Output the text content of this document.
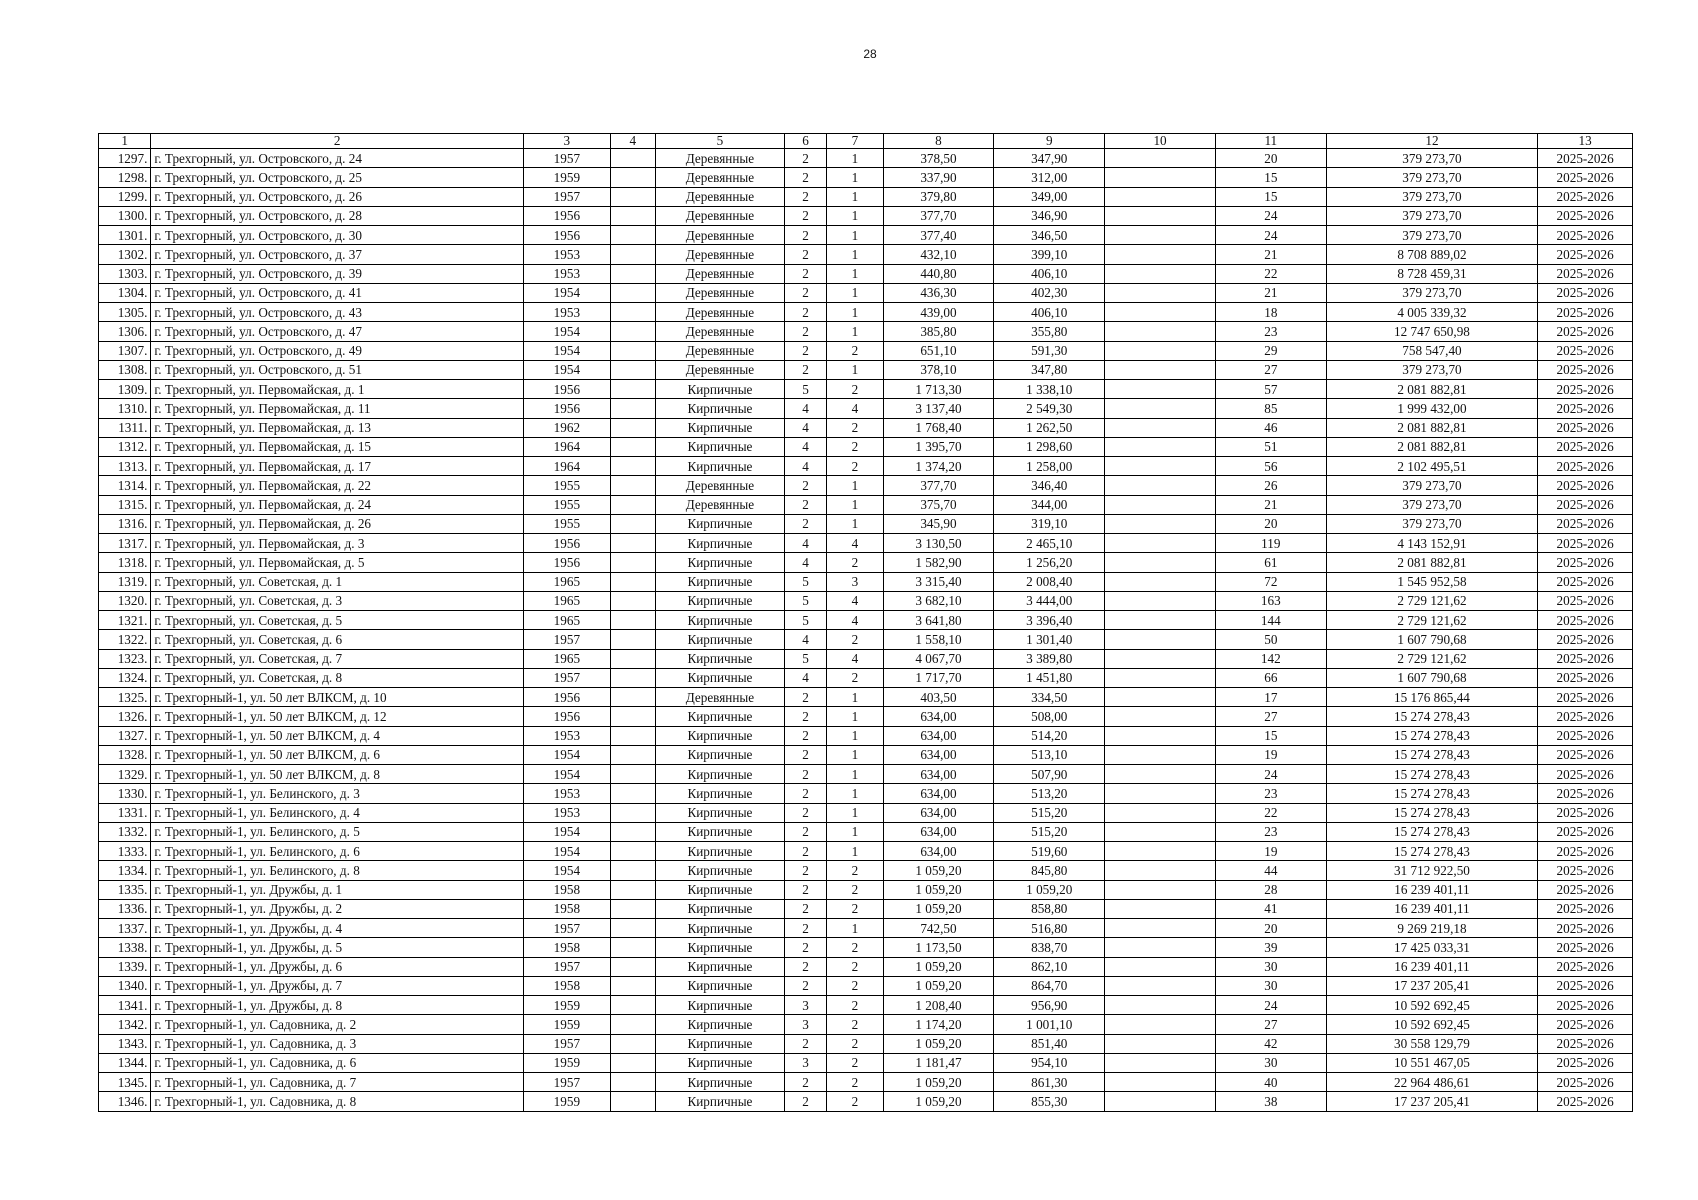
28
1	2	3	4	5	6	7	8	9	10	11	12	13
1297.	г. Трехгорный, ул. Островского, д. 24	1957		Деревянные	2	1	378,50	347,90		20	379 273,70	2025-2026
1298.	г. Трехгорный, ул. Островского, д. 25	1959		Деревянные	2	1	337,90	312,00		15	379 273,70	2025-2026
1299.	г. Трехгорный, ул. Островского, д. 26	1957		Деревянные	2	1	379,80	349,00		15	379 273,70	2025-2026
1300.	г. Трехгорный, ул. Островского, д. 28	1956		Деревянные	2	1	377,70	346,90		24	379 273,70	2025-2026
1301.	г. Трехгорный, ул. Островского, д. 30	1956		Деревянные	2	1	377,40	346,50		24	379 273,70	2025-2026
1302.	г. Трехгорный, ул. Островского, д. 37	1953		Деревянные	2	1	432,10	399,10		21	8 708 889,02	2025-2026
1303.	г. Трехгорный, ул. Островского, д. 39	1953		Деревянные	2	1	440,80	406,10		22	8 728 459,31	2025-2026
1304.	г. Трехгорный, ул. Островского, д. 41	1954		Деревянные	2	1	436,30	402,30		21	379 273,70	2025-2026
1305.	г. Трехгорный, ул. Островского, д. 43	1953		Деревянные	2	1	439,00	406,10		18	4 005 339,32	2025-2026
1306.	г. Трехгорный, ул. Островского, д. 47	1954		Деревянные	2	1	385,80	355,80		23	12 747 650,98	2025-2026
1307.	г. Трехгорный, ул. Островского, д. 49	1954		Деревянные	2	2	651,10	591,30		29	758 547,40	2025-2026
1308.	г. Трехгорный, ул. Островского, д. 51	1954		Деревянные	2	1	378,10	347,80		27	379 273,70	2025-2026
1309.	г. Трехгорный, ул. Первомайская, д. 1	1956		Кирпичные	5	2	1 713,30	1 338,10		57	2 081 882,81	2025-2026
1310.	г. Трехгорный, ул. Первомайская, д. 11	1956		Кирпичные	4	4	3 137,40	2 549,30		85	1 999 432,00	2025-2026
1311.	г. Трехгорный, ул. Первомайская, д. 13	1962		Кирпичные	4	2	1 768,40	1 262,50		46	2 081 882,81	2025-2026
1312.	г. Трехгорный, ул. Первомайская, д. 15	1964		Кирпичные	4	2	1 395,70	1 298,60		51	2 081 882,81	2025-2026
1313.	г. Трехгорный, ул. Первомайская, д. 17	1964		Кирпичные	4	2	1 374,20	1 258,00		56	2 102 495,51	2025-2026
1314.	г. Трехгорный, ул. Первомайская, д. 22	1955		Деревянные	2	1	377,70	346,40		26	379 273,70	2025-2026
1315.	г. Трехгорный, ул. Первомайская, д. 24	1955		Деревянные	2	1	375,70	344,00		21	379 273,70	2025-2026
1316.	г. Трехгорный, ул. Первомайская, д. 26	1955		Кирпичные	2	1	345,90	319,10		20	379 273,70	2025-2026
1317.	г. Трехгорный, ул. Первомайская, д. 3	1956		Кирпичные	4	4	3 130,50	2 465,10		119	4 143 152,91	2025-2026
1318.	г. Трехгорный, ул. Первомайская, д. 5	1956		Кирпичные	4	2	1 582,90	1 256,20		61	2 081 882,81	2025-2026
1319.	г. Трехгорный, ул. Советская, д. 1	1965		Кирпичные	5	3	3 315,40	2 008,40		72	1 545 952,58	2025-2026
1320.	г. Трехгорный, ул. Советская, д. 3	1965		Кирпичные	5	4	3 682,10	3 444,00		163	2 729 121,62	2025-2026
1321.	г. Трехгорный, ул. Советская, д. 5	1965		Кирпичные	5	4	3 641,80	3 396,40		144	2 729 121,62	2025-2026
1322.	г. Трехгорный, ул. Советская, д. 6	1957		Кирпичные	4	2	1 558,10	1 301,40		50	1 607 790,68	2025-2026
1323.	г. Трехгорный, ул. Советская, д. 7	1965		Кирпичные	5	4	4 067,70	3 389,80		142	2 729 121,62	2025-2026
1324.	г. Трехгорный, ул. Советская, д. 8	1957		Кирпичные	4	2	1 717,70	1 451,80		66	1 607 790,68	2025-2026
1325.	г. Трехгорный-1, ул. 50 лет ВЛКСМ, д. 10	1956		Деревянные	2	1	403,50	334,50		17	15 176 865,44	2025-2026
1326.	г. Трехгорный-1, ул. 50 лет ВЛКСМ, д. 12	1956		Кирпичные	2	1	634,00	508,00		27	15 274 278,43	2025-2026
1327.	г. Трехгорный-1, ул. 50 лет ВЛКСМ, д. 4	1953		Кирпичные	2	1	634,00	514,20		15	15 274 278,43	2025-2026
1328.	г. Трехгорный-1, ул. 50 лет ВЛКСМ, д. 6	1954		Кирпичные	2	1	634,00	513,10		19	15 274 278,43	2025-2026
1329.	г. Трехгорный-1, ул. 50 лет ВЛКСМ, д. 8	1954		Кирпичные	2	1	634,00	507,90		24	15 274 278,43	2025-2026
1330.	г. Трехгорный-1, ул. Белинского, д. 3	1953		Кирпичные	2	1	634,00	513,20		23	15 274 278,43	2025-2026
1331.	г. Трехгорный-1, ул. Белинского, д. 4	1953		Кирпичные	2	1	634,00	515,20		22	15 274 278,43	2025-2026
1332.	г. Трехгорный-1, ул. Белинского, д. 5	1954		Кирпичные	2	1	634,00	515,20		23	15 274 278,43	2025-2026
1333.	г. Трехгорный-1, ул. Белинского, д. 6	1954		Кирпичные	2	1	634,00	519,60		19	15 274 278,43	2025-2026
1334.	г. Трехгорный-1, ул. Белинского, д. 8	1954		Кирпичные	2	2	1 059,20	845,80		44	31 712 922,50	2025-2026
1335.	г. Трехгорный-1, ул. Дружбы, д. 1	1958		Кирпичные	2	2	1 059,20	1 059,20		28	16 239 401,11	2025-2026
1336.	г. Трехгорный-1, ул. Дружбы, д. 2	1958		Кирпичные	2	2	1 059,20	858,80		41	16 239 401,11	2025-2026
1337.	г. Трехгорный-1, ул. Дружбы, д. 4	1957		Кирпичные	2	1	742,50	516,80		20	9 269 219,18	2025-2026
1338.	г. Трехгорный-1, ул. Дружбы, д. 5	1958		Кирпичные	2	2	1 173,50	838,70		39	17 425 033,31	2025-2026
1339.	г. Трехгорный-1, ул. Дружбы, д. 6	1957		Кирпичные	2	2	1 059,20	862,10		30	16 239 401,11	2025-2026
1340.	г. Трехгорный-1, ул. Дружбы, д. 7	1958		Кирпичные	2	2	1 059,20	864,70		30	17 237 205,41	2025-2026
1341.	г. Трехгорный-1, ул. Дружбы, д. 8	1959		Кирпичные	3	2	1 208,40	956,90		24	10 592 692,45	2025-2026
1342.	г. Трехгорный-1, ул. Садовника, д. 2	1959		Кирпичные	3	2	1 174,20	1 001,10		27	10 592 692,45	2025-2026
1343.	г. Трехгорный-1, ул. Садовника, д. 3	1957		Кирпичные	2	2	1 059,20	851,40		42	30 558 129,79	2025-2026
1344.	г. Трехгорный-1, ул. Садовника, д. 6	1959		Кирпичные	3	2	1 181,47	954,10		30	10 551 467,05	2025-2026
1345.	г. Трехгорный-1, ул. Садовника, д. 7	1957		Кирпичные	2	2	1 059,20	861,30		40	22 964 486,61	2025-2026
1346.	г. Трехгорный-1, ул. Садовника, д. 8	1959		Кирпичные	2	2	1 059,20	855,30		38	17 237 205,41	2025-2026
